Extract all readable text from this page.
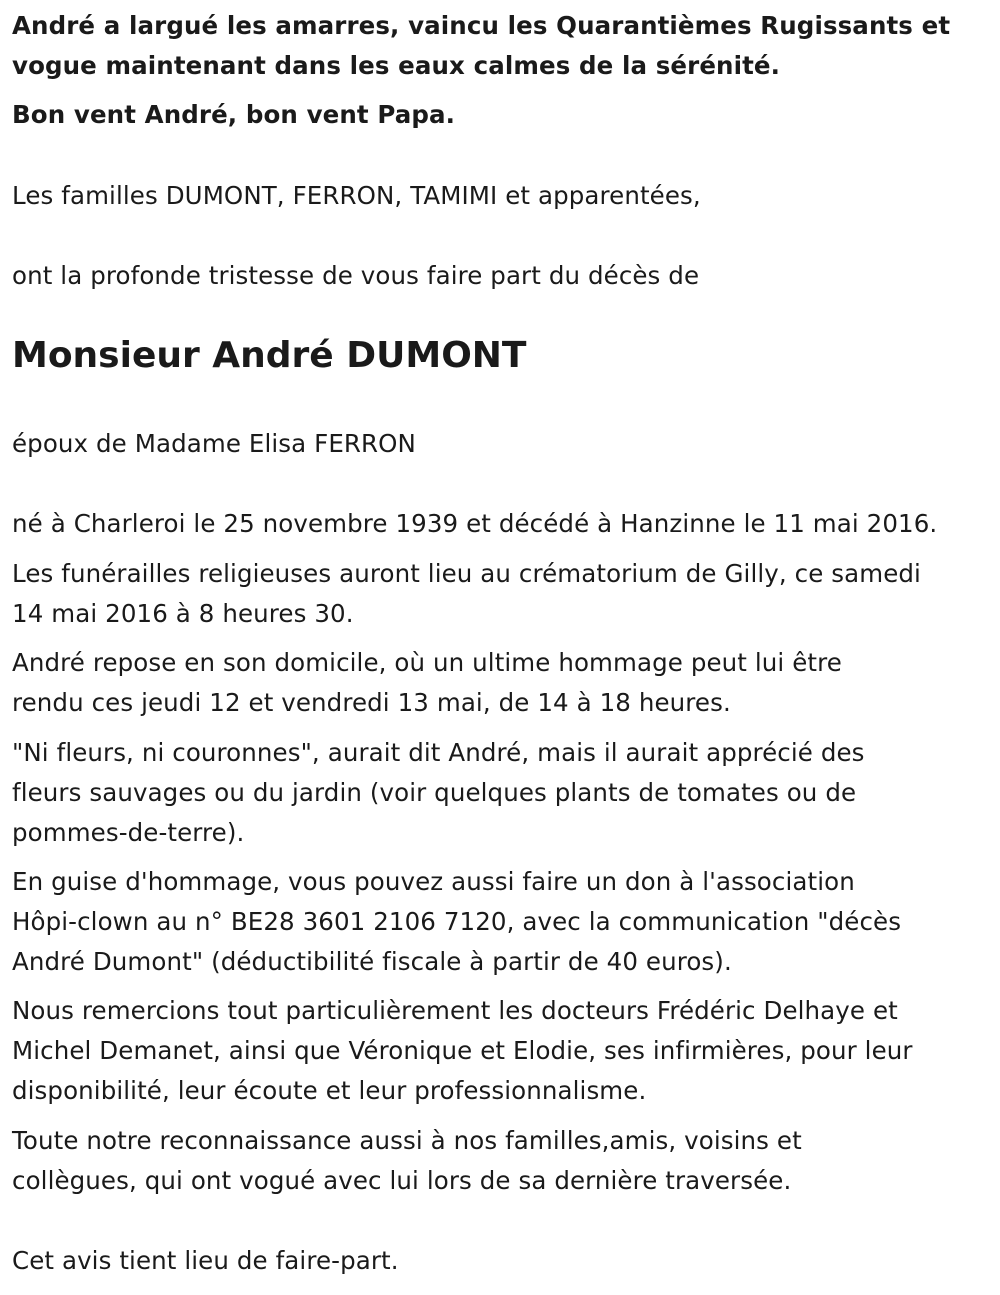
André a largué les amarres, vaincu les Quarantièmes Rugissants et

vogue maintenant dans les eaux calmes de la sérénité.

Bon vent André, bon vent Papa.

Les familles DUMONT, FERRON, TAMIMI et apparentées,

ont la profonde tristesse de vous faire part du décès de

Monsieur André DUMONT

époux de Madame Elisa FERRON

né à Charleroi le 25 novembre 1939 et décédé à Hanzinne le 11 mai 2016.

Les funérailles religieuses auront lieu au crématorium de Gilly, ce samedi

14 mai 2016 à 8 heures 30.

André repose en son domicile, où un ultime hommage peut lui être

rendu ces jeudi 12 et vendredi 13 mai, de 14 à 18 heures.

"Ni fleurs, ni couronnes", aurait dit André, mais il aurait apprécié des

fleurs sauvages ou du jardin (voir quelques plants de tomates ou de

pommes-de-terre).

En guise d'hommage, vous pouvez aussi faire un don à l'association

Hôpi-clown au n° BE28 3601 2106 7120, avec la communication "décès

André Dumont" (déductibilité fiscale à partir de 40 euros).

Nous remercions tout particulièrement les docteurs Frédéric Delhaye et

Michel Demanet, ainsi que Véronique et Elodie, ses infirmières, pour leur

disponibilité, leur écoute et leur professionnalisme.

Toute notre reconnaissance aussi à nos familles,amis, voisins et

collègues, qui ont vogué avec lui lors de sa dernière traversée.

Cet avis tient lieu de faire-part.
